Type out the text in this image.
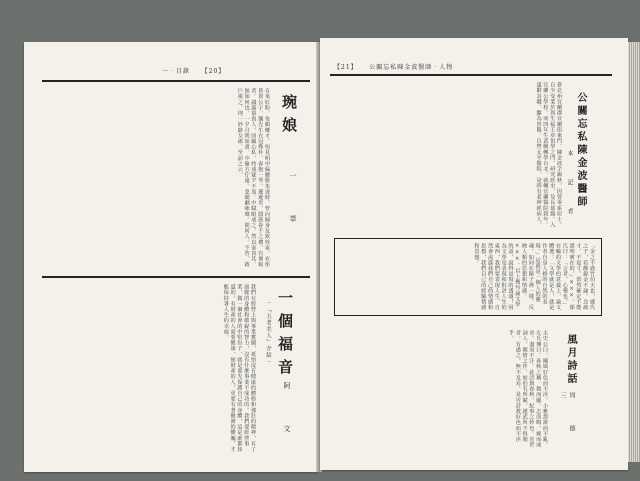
一‧目錄 【20】
琬娘
一 莘
自來紅粉。每頗憐才。恒見明中偏聽勝朱達時。曾向歸身友欽姓家。在座皆貴公子。獨先生衣冠殊朴。春抱一琴。遲遲至。隱鼓眷不之禮。有琬娘者。議露慕貴人。回顧心私。終成疑夕不返。中賦眼成之。然以家貧其。無如何也。一夕月明如晝。中偷方佇遠。忽聞劇咏聲。問何人。不答。啟戶視之。則一妙齡女郎。至前之云。
一個福音
－『五老美人』介紹－
阿 文
我們在經營上與事業奮鬪，祇怕沒有健康的體格和強壯的精神，有了康健的身體和敏銳的智力，沒有什麼事業不成功的。我們要經營事業，做一個社會的中堅份子，就是要先保護自己的身體，這是誰都知道的。有財產的人需要健康，無財產的人，更要有著健實的體魄，才能保持著人生的幸福。
【21】 公關忘私陳金波醫師‧人物
公關忘私陳金波醫師
本 記 者
臺北州宜蘭郡宜蘭街東門。陳金波字錫秋。因曾零系居士。自少受業於周生福王章伯學之門。研究經史。及長慕醫。入宜蘭公學校。而四年生武騰轉學台北。就轉宜蘭醫院敘年。遂辭其職。繼為習醫。自營太平醫院。是時有老神經病人。
「金之不過竹伯天也，感氏之子，若酸銳金不論。急疏寸，不是寸，當然確定不能證明實在的。」×××。郁氏曰：「言者，心聲也。」在輪的文學的意義上，論文體選：「文學就是人，就是作者自身人格的自然的表現。」這就是一個人的靈魂，如同在鏡子裡一樣，反映人類的思想和情感。×××。以上幾句論文學的話，說得是寫的透澈！因為文學是表現和批評人生的東西，我們要表現人生，自然會流露我們自己的情感和思想，我們自己的經驗情感和思想。
風月詩話
周 德 三
太史公曰。國風好色而不淫。小雅怨誹而不亂。左氏傳曰。春秋之稱。微而顯。志而晦。婉而成章。盡而不汙。此詩與春秋。紀事之妙也。近世詞人。閑情之作。如伯有所賦。趙武所不得聞者。有過之。無不及焉。是豈詩教好色而不淫乎。
